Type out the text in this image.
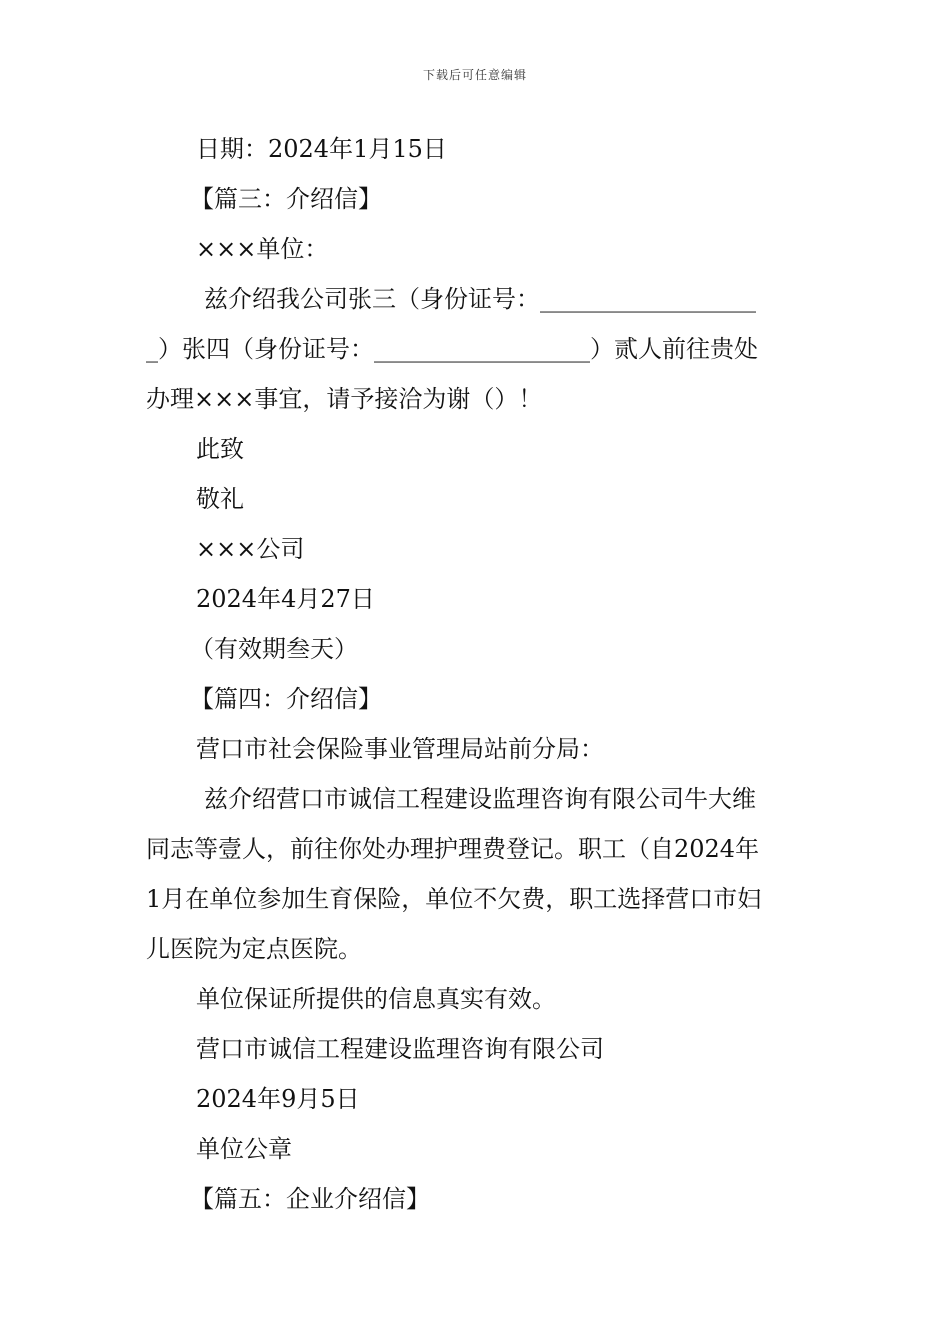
下载后可任意编辑
日期：2024年1月15日
【篇三：介绍信】
×××单位：
兹介绍我公司张三（身份证号：__________________
_）张四（身份证号：__________________）贰人前往贵处
办理×××事宜，请予接洽为谢（）！
此致
敬礼
×××公司
2024年4月27日
（有效期叁天）
【篇四：介绍信】
营口市社会保险事业管理局站前分局：
兹介绍营口市诚信工程建设监理咨询有限公司牛大维
同志等壹人，前往你处办理护理费登记。职工（自2024年
1月在单位参加生育保险，单位不欠费，职工选择营口市妇
儿医院为定点医院。
单位保证所提供的信息真实有效。
营口市诚信工程建设监理咨询有限公司
2024年9月5日
单位公章
【篇五：企业介绍信】
